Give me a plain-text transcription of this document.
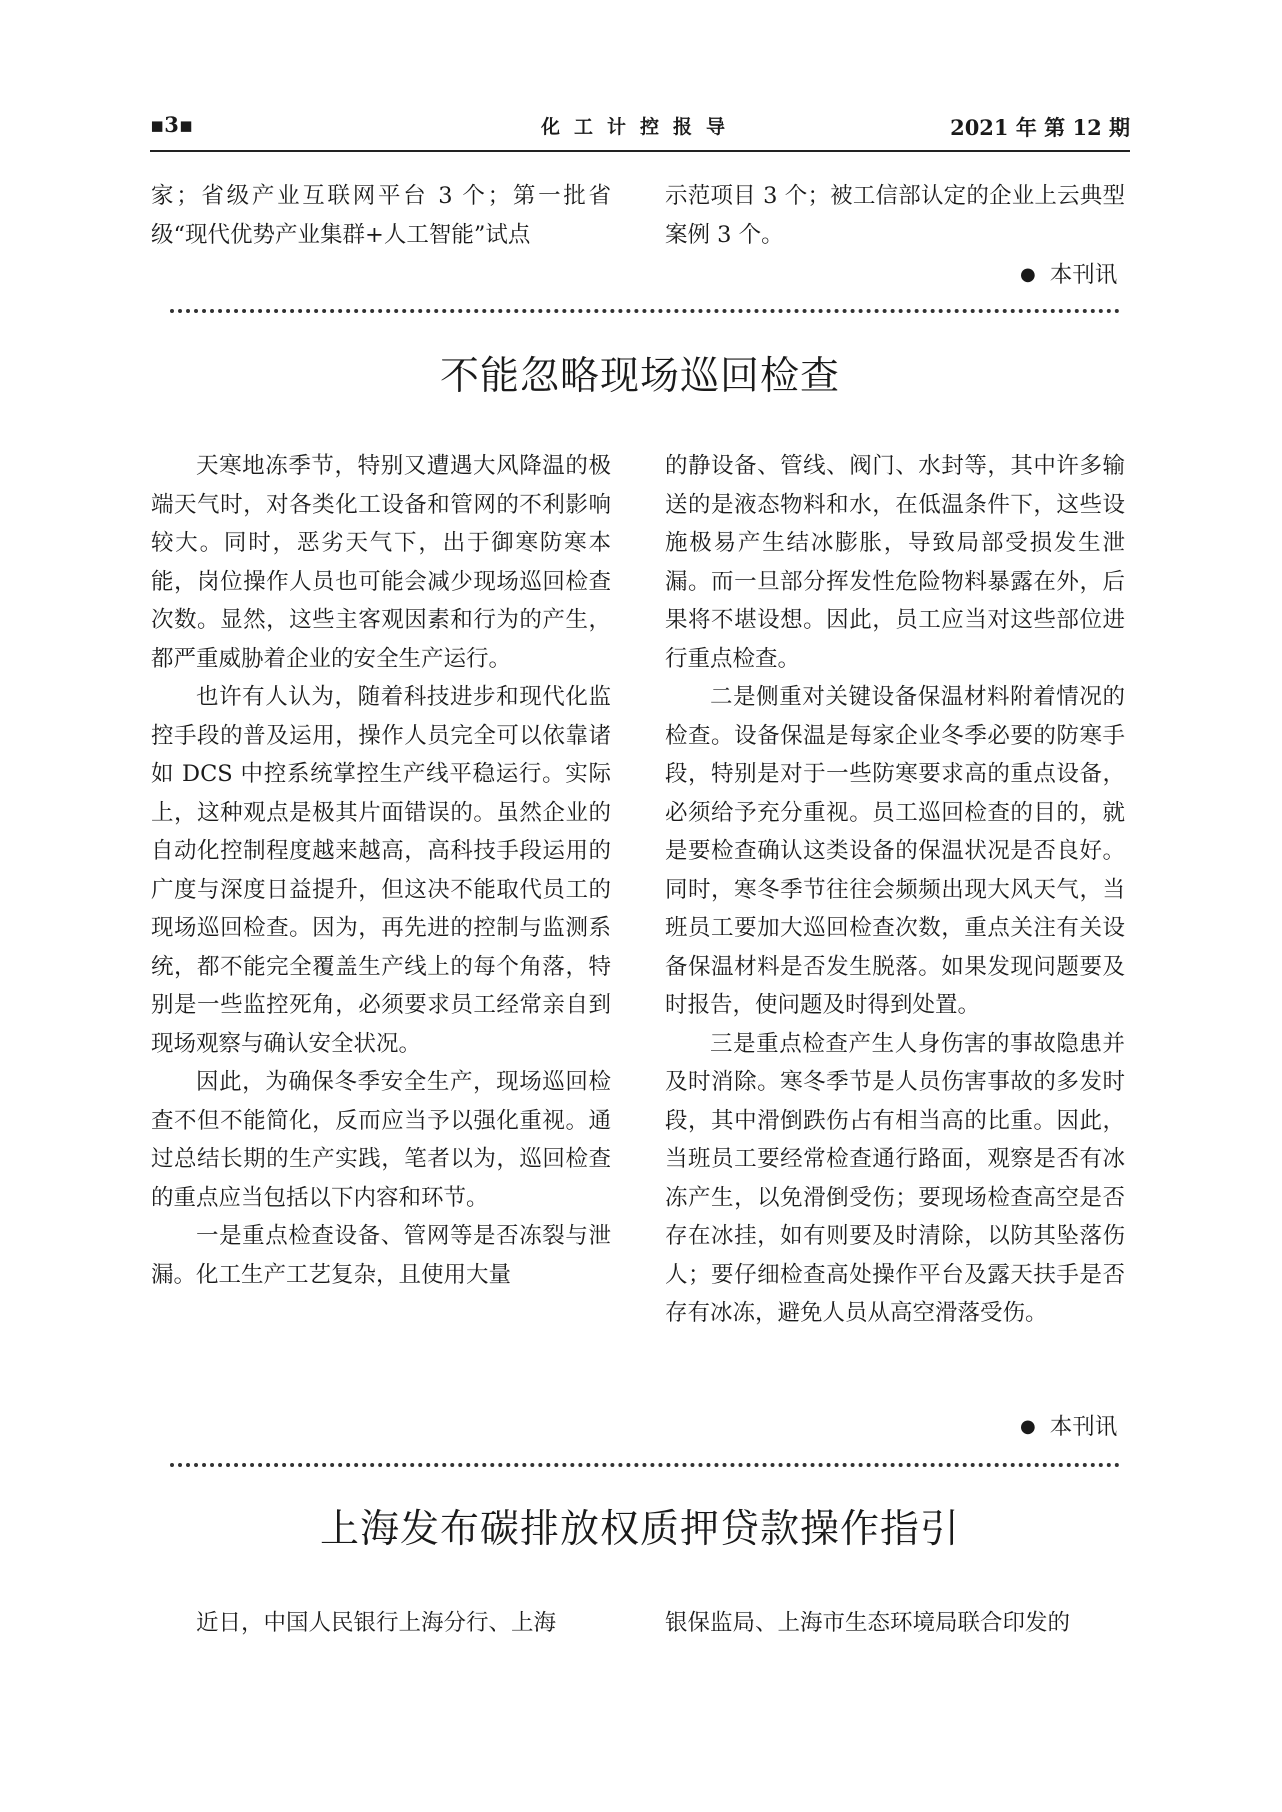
▪3▪	化工计控报导	2021 年 第 12 期

家；省级产业互联网平台 3 个；第一批省级“现代优势产业集群+人工智能”试点

示范项目 3 个；被工信部认定的企业上云典型案例 3 个。

● 本刊讯
不能忽略现场巡回检查

天寒地冻季节，特别又遭遇大风降温的极端天气时，对各类化工设备和管网的不利影响较大。同时，恶劣天气下，出于御寒防寒本能，岗位操作人员也可能会减少现场巡回检查次数。显然，这些主客观因素和行为的产生，都严重威胁着企业的安全生产运行。

也许有人认为，随着科技进步和现代化监控手段的普及运用，操作人员完全可以依靠诸如 DCS 中控系统掌控生产线平稳运行。实际上，这种观点是极其片面错误的。虽然企业的自动化控制程度越来越高，高科技手段运用的广度与深度日益提升，但这决不能取代员工的现场巡回检查。因为，再先进的控制与监测系统，都不能完全覆盖生产线上的每个角落，特别是一些监控死角，必须要求员工经常亲自到现场观察与确认安全状况。

因此，为确保冬季安全生产，现场巡回检查不但不能简化，反而应当予以强化重视。通过总结长期的生产实践，笔者以为，巡回检查的重点应当包括以下内容和环节。

一是重点检查设备、管网等是否冻裂与泄漏。化工生产工艺复杂，且使用大量

的静设备、管线、阀门、水封等，其中许多输送的是液态物料和水，在低温条件下，这些设施极易产生结冰膨胀，导致局部受损发生泄漏。而一旦部分挥发性危险物料暴露在外，后果将不堪设想。因此，员工应当对这些部位进行重点检查。

二是侧重对关键设备保温材料附着情况的检查。设备保温是每家企业冬季必要的防寒手段，特别是对于一些防寒要求高的重点设备，必须给予充分重视。员工巡回检查的目的，就是要检查确认这类设备的保温状况是否良好。同时，寒冬季节往往会频频出现大风天气，当班员工要加大巡回检查次数，重点关注有关设备保温材料是否发生脱落。如果发现问题要及时报告，使问题及时得到处置。

三是重点检查产生人身伤害的事故隐患并及时消除。寒冬季节是人员伤害事故的多发时段，其中滑倒跌伤占有相当高的比重。因此，当班员工要经常检查通行路面，观察是否有冰冻产生，以免滑倒受伤；要现场检查高空是否存在冰挂，如有则要及时清除，以防其坠落伤人；要仔细检查高处操作平台及露天扶手是否存有冰冻，避免人员从高空滑落受伤。

● 本刊讯
上海发布碳排放权质押贷款操作指引

近日，中国人民银行上海分行、上海	银保监局、上海市生态环境局联合印发的
